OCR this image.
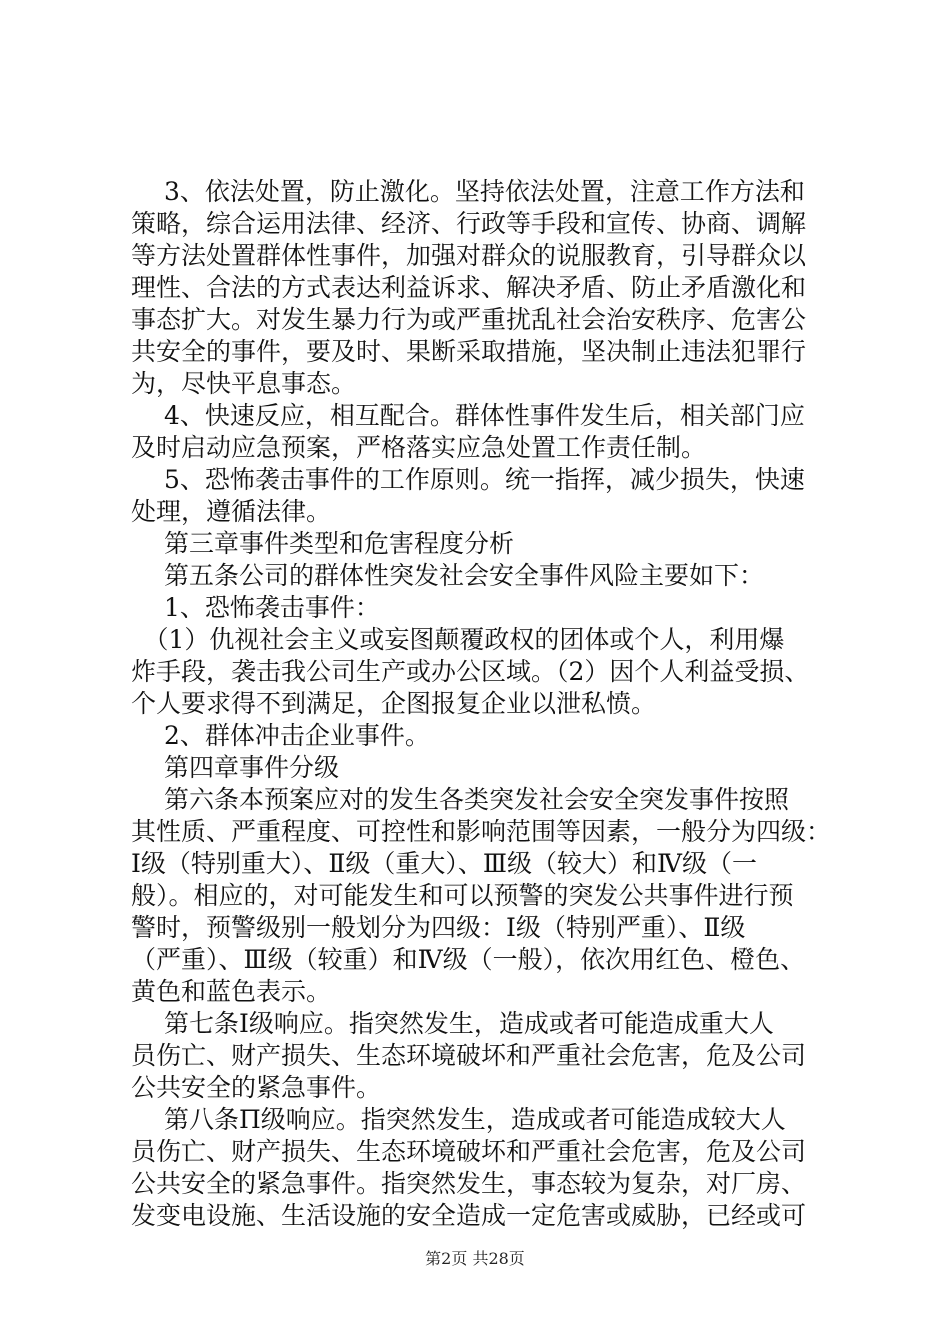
　 3、依法处置，防止激化。坚持依法处置，注意工作方法和
策略，综合运用法律、经济、行政等手段和宣传、协商、调解
等方法处置群体性事件，加强对群众的说服教育，引导群众以
理性、合法的方式表达利益诉求、解决矛盾、防止矛盾激化和
事态扩大。对发生暴力行为或严重扰乱社会治安秩序、危害公
共安全的事件，要及时、果断采取措施，坚决制止违法犯罪行
为，尽快平息事态。
　 4、快速反应，相互配合。群体性事件发生后，相关部门应
及时启动应急预案，严格落实应急处置工作责任制。
　 5、恐怖袭击事件的工作原则。统一指挥，减少损失，快速
处理，遵循法律。
　 第三章事件类型和危害程度分析
　 第五条公司的群体性突发社会安全事件风险主要如下：
　 1、恐怖袭击事件：
　（1）仇视社会主义或妄图颠覆政权的团体或个人，利用爆
炸手段，袭击我公司生产或办公区域。（2）因个人利益受损、
个人要求得不到满足，企图报复企业以泄私愤。
　 2、群体冲击企业事件。
　 第四章事件分级
　 第六条本预案应对的发生各类突发社会安全突发事件按照
其性质、严重程度、可控性和影响范围等因素，一般分为四级：
Ⅰ级（特别重大）、Ⅱ级（重大）、Ⅲ级（较大）和Ⅳ级（一
般）。相应的，对可能发生和可以预警的突发公共事件进行预
警时，预警级别一般划分为四级：Ⅰ级（特别严重）、Ⅱ级
（严重）、Ⅲ级（较重）和Ⅳ级（一般），依次用红色、橙色、
黄色和蓝色表示。
　 第七条Ⅰ级响应。指突然发生，造成或者可能造成重大人
员伤亡、财产损失、生态环境破坏和严重社会危害，危及公司
公共安全的紧急事件。
　 第八条Π级响应。指突然发生，造成或者可能造成较大人
员伤亡、财产损失、生态环境破坏和严重社会危害，危及公司
公共安全的紧急事件。指突然发生，事态较为复杂，对厂房、
发变电设施、生活设施的安全造成一定危害或威胁，已经或可
第2页 共28页
